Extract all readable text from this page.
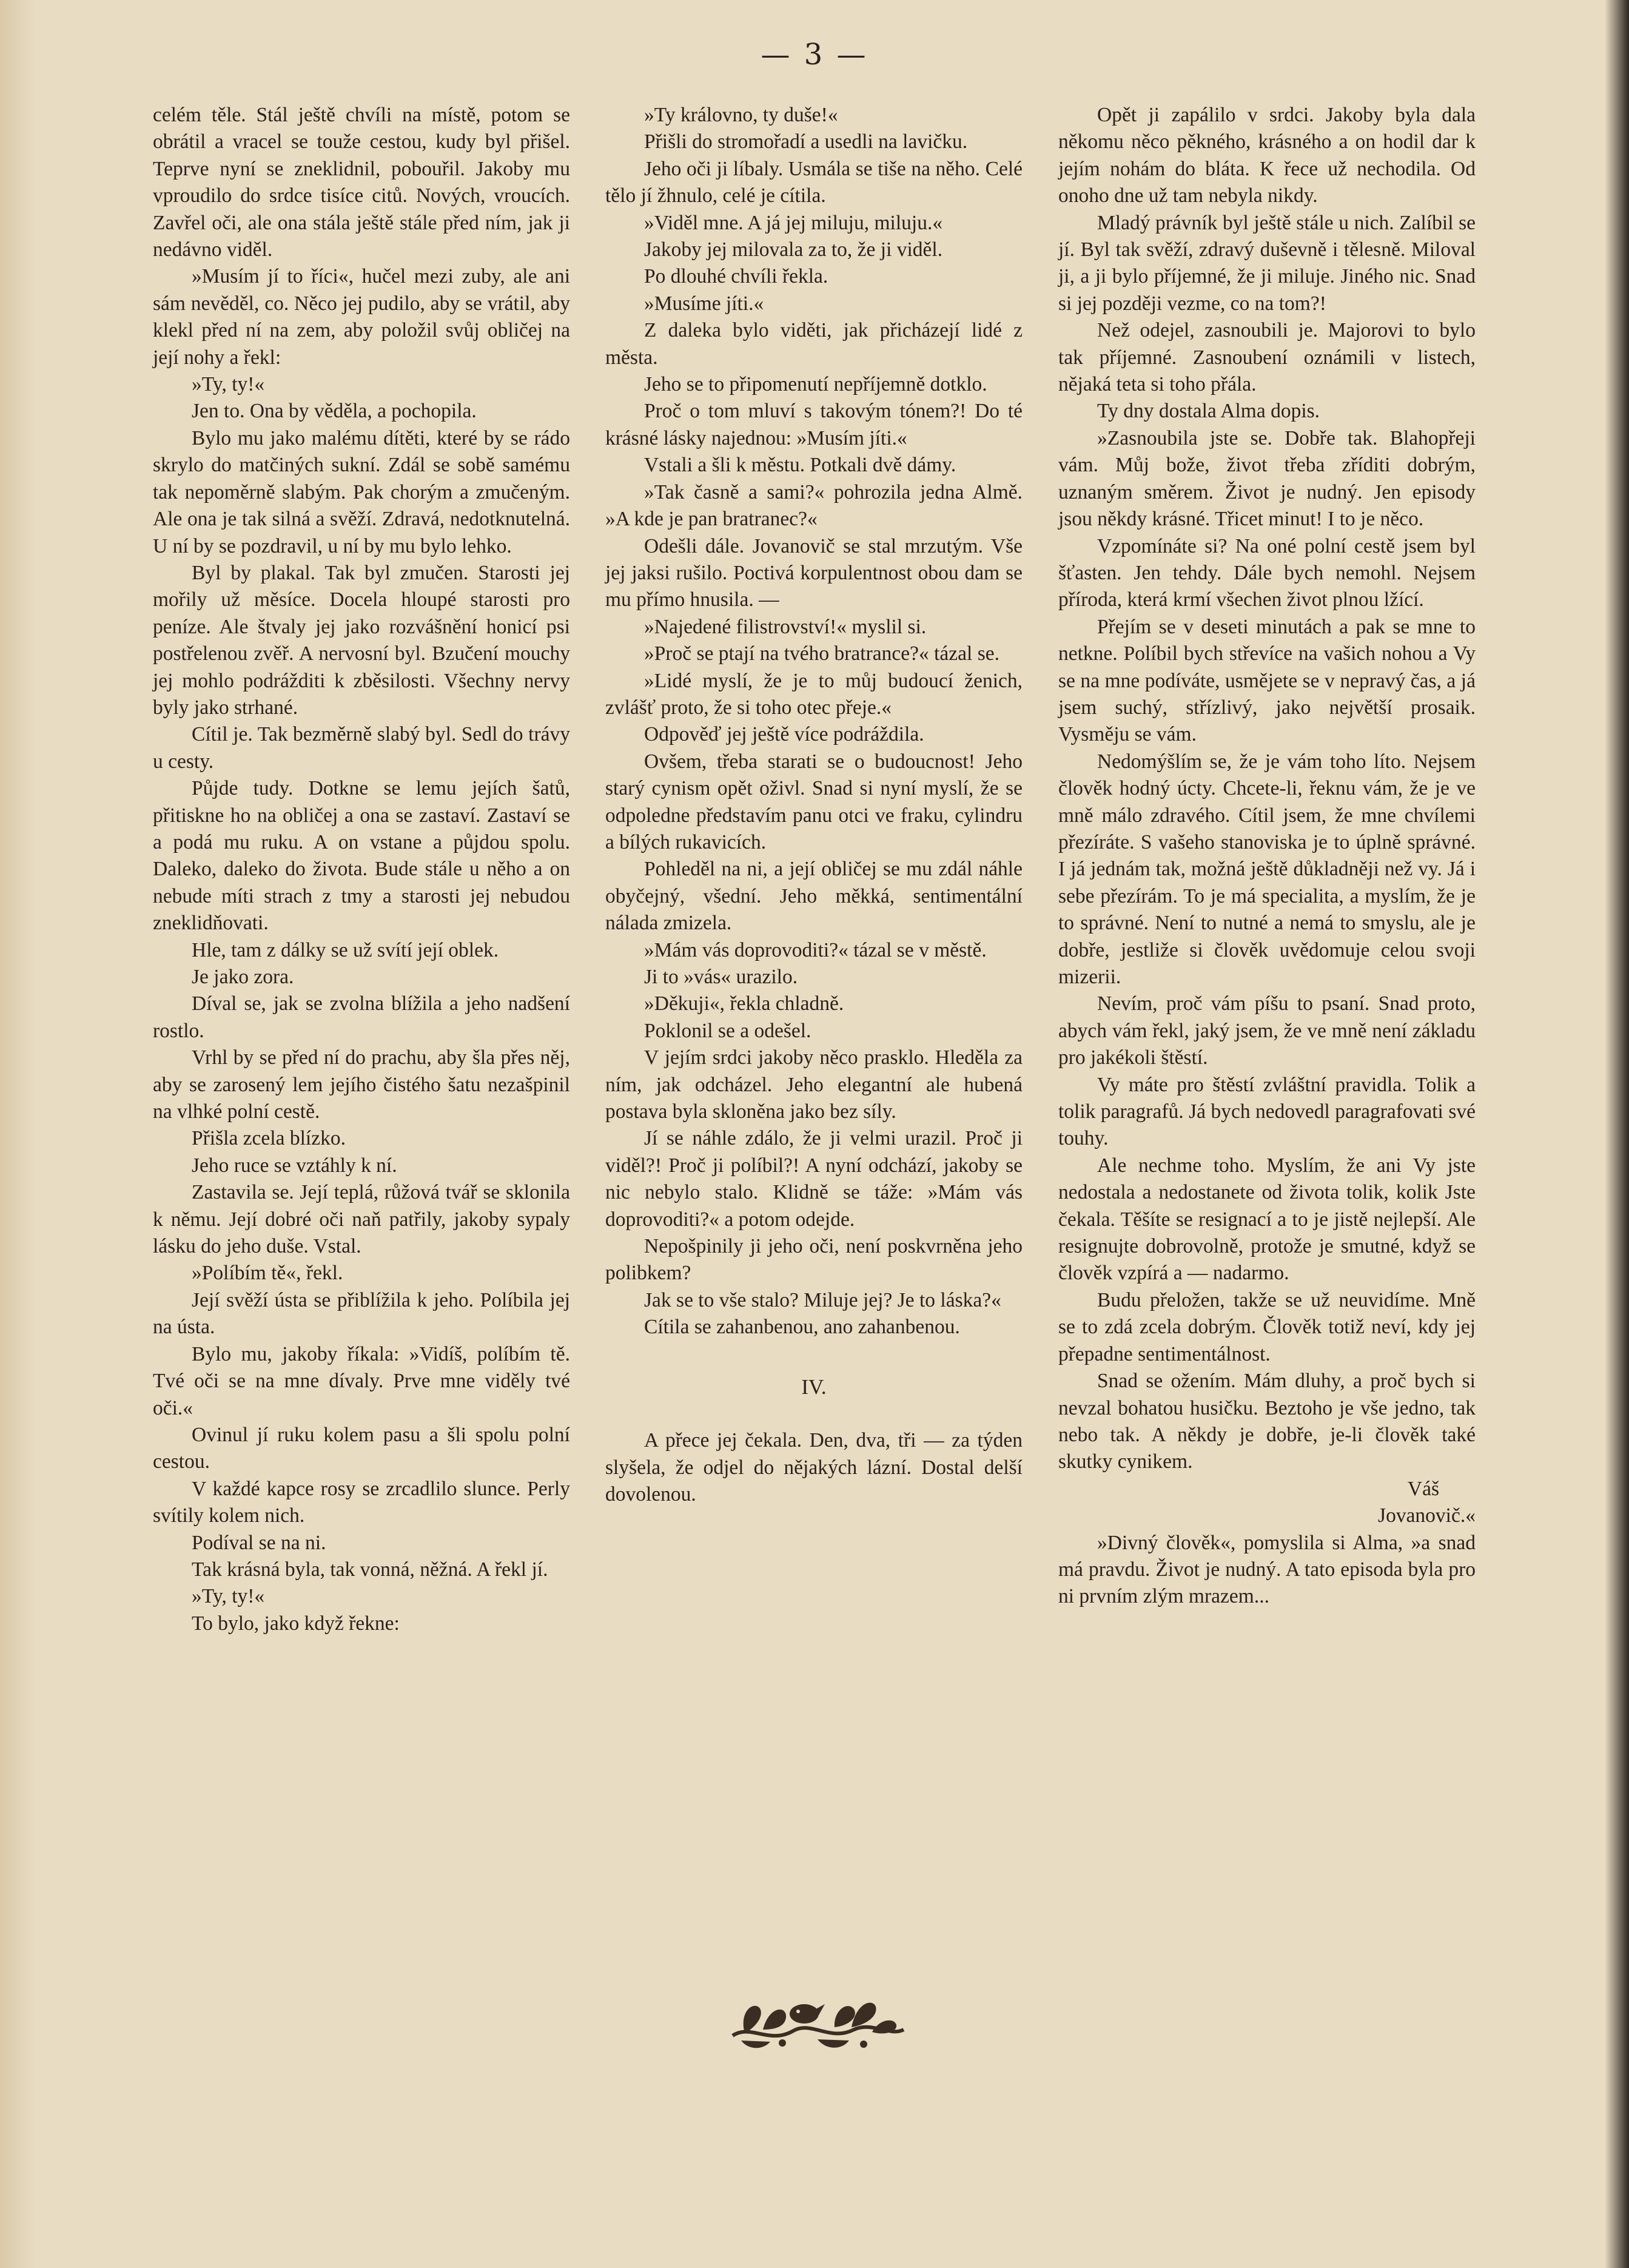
— 3 —

celém těle. Stál ještě chvíli na místě, potom se obrátil a vracel se touže cestou, kudy byl přišel. Teprve nyní se zneklidnil, pobouřil. Jakoby mu vproudilo do srdce tisíce citů. Nových, vroucích. Zavřel oči, ale ona stála ještě stále před ním, jak ji nedávno viděl.

»Musím jí to říci«, hučel mezi zuby, ale ani sám nevěděl, co. Něco jej pudilo, aby se vrátil, aby klekl před ní na zem, aby položil svůj obličej na její nohy a řekl:

»Ty, ty!«

Jen to. Ona by věděla, a pochopila.

Bylo mu jako malému dítěti, které by se rádo skrylo do matčiných sukní. Zdál se sobě samému tak nepoměrně slabým. Pak chorým a zmučeným. Ale ona je tak silná a svěží. Zdravá, nedotknutelná. U ní by se pozdravil, u ní by mu bylo lehko.

Byl by plakal. Tak byl zmučen. Starosti jej mořily už měsíce. Docela hloupé starosti pro peníze. Ale štvaly jej jako rozvášnění honicí psi postřelenou zvěř. A nervosní byl. Bzučení mouchy jej mohlo podrážditi k zběsilosti. Všechny nervy byly jako strhané.

Cítil je. Tak bezměrně slabý byl. Sedl do trávy u cesty.

Půjde tudy. Dotkne se lemu jejích šatů, přitiskne ho na obličej a ona se zastaví. Zastaví se a podá mu ruku. A on vstane a půjdou spolu. Daleko, daleko do života. Bude stále u něho a on nebude míti strach z tmy a starosti jej nebudou zneklidňovati.

Hle, tam z dálky se už svítí její oblek.

Je jako zora.

Díval se, jak se zvolna blížila a jeho nadšení rostlo.

Vrhl by se před ní do prachu, aby šla přes něj, aby se zarosený lem jejího čistého šatu nezašpinil na vlhké polní cestě.

Přišla zcela blízko.

Jeho ruce se vztáhly k ní.

Zastavila se. Její teplá, růžová tvář se sklonila k němu. Její dobré oči naň patřily, jakoby sypaly lásku do jeho duše. Vstal.

»Políbím tě«, řekl.

Její svěží ústa se přiblížila k jeho. Políbila jej na ústa.

Bylo mu, jakoby říkala: »Vidíš, políbím tě. Tvé oči se na mne dívaly. Prve mne viděly tvé oči.«

Ovinul jí ruku kolem pasu a šli spolu polní cestou.

V každé kapce rosy se zrcadlilo slunce. Perly svítily kolem nich.

Podíval se na ni.

Tak krásná byla, tak vonná, něžná. A řekl jí.

»Ty, ty!«

To bylo, jako když řekne:

»Ty královno, ty duše!«

Přišli do stromořadí a usedli na lavičku.

Jeho oči ji líbaly. Usmála se tiše na něho. Celé tělo jí žhnulo, celé je cítila.

»Viděl mne. A já jej miluju, miluju.«

Jakoby jej milovala za to, že ji viděl.

Po dlouhé chvíli řekla.

»Musíme jíti.«

Z daleka bylo viděti, jak přicházejí lidé z města.

Jeho se to připomenutí nepříjemně dotklo.

Proč o tom mluví s takovým tónem?! Do té krásné lásky najednou: »Musím jíti.«

Vstali a šli k městu. Potkali dvě dámy.

»Tak časně a sami?« pohrozila jedna Almě. »A kde je pan bratranec?«

Odešli dále. Jovanovič se stal mrzutým. Vše jej jaksi rušilo. Poctivá korpulentnost obou dam se mu přímo hnusila. —

»Najedené filistrovství!« myslil si.

»Proč se ptají na tvého bratrance?« tázal se.

»Lidé myslí, že je to můj budoucí ženich, zvlášť proto, že si toho otec přeje.«

Odpověď jej ještě více podráždila.

Ovšem, třeba starati se o budoucnost! Jeho starý cynism opět oživl. Snad si nyní myslí, že se odpoledne představím panu otci ve fraku, cylindru a bílých rukavicích.

Pohleděl na ni, a její obličej se mu zdál náhle obyčejný, všední. Jeho měkká, sentimentální nálada zmizela.

»Mám vás doprovoditi?« tázal se v městě.

Ji to »vás« urazilo.

»Děkuji«, řekla chladně.

Poklonil se a odešel.

V jejím srdci jakoby něco prasklo. Hleděla za ním, jak odcházel. Jeho elegantní ale hubená postava byla skloněna jako bez síly.

Jí se náhle zdálo, že ji velmi urazil. Proč ji viděl?! Proč ji políbil?! A nyní odchází, jakoby se nic nebylo stalo. Klidně se táže: »Mám vás doprovoditi?« a potom odejde.

Nepošpinily ji jeho oči, není poskvrněna jeho polibkem?

Jak se to vše stalo? Miluje jej? Je to láska?«

Cítila se zahanbenou, ano zahanbenou.

IV.

A přece jej čekala. Den, dva, tři — za týden slyšela, že odjel do nějakých lázní. Dostal delší dovolenou.

Opět ji zapálilo v srdci. Jakoby byla dala někomu něco pěkného, krásného a on hodil dar k jejím nohám do bláta. K řece už nechodila. Od onoho dne už tam nebyla nikdy.

Mladý právník byl ještě stále u nich. Zalíbil se jí. Byl tak svěží, zdravý duševně i tělesně. Miloval ji, a ji bylo příjemné, že ji miluje. Jiného nic. Snad si jej později vezme, co na tom?!

Než odejel, zasnoubili je. Majorovi to bylo tak příjemné. Zasnoubení oznámili v listech, nějaká teta si toho přála.

Ty dny dostala Alma dopis.

»Zasnoubila jste se. Dobře tak. Blahopřeji vám. Můj bože, život třeba zříditi dobrým, uznaným směrem. Život je nudný. Jen episody jsou někdy krásné. Třicet minut! I to je něco.

Vzpomínáte si? Na oné polní cestě jsem byl šťasten. Jen tehdy. Dále bych nemohl. Nejsem příroda, která krmí všechen život plnou lžící.

Přejím se v deseti minutách a pak se mne to netkne. Políbil bych střevíce na vašich nohou a Vy se na mne podíváte, usmějete se v nepravý čas, a já jsem suchý, střízlivý, jako největší prosaik. Vysměju se vám.

Nedomýšlím se, že je vám toho líto. Nejsem člověk hodný úcty. Chcete-li, řeknu vám, že je ve mně málo zdravého. Cítil jsem, že mne chvílemi přezíráte. S vašeho stanoviska je to úplně správné. I já jednám tak, možná ještě důkladněji než vy. Já i sebe přezírám. To je má specialita, a myslím, že je to správné. Není to nutné a nemá to smyslu, ale je dobře, jestliže si člověk uvědomuje celou svoji mizerii.

Nevím, proč vám píšu to psaní. Snad proto, abych vám řekl, jaký jsem, že ve mně není základu pro jakékoli štěstí.

Vy máte pro štěstí zvláštní pravidla. Tolik a tolik paragrafů. Já bych nedovedl paragrafovati své touhy.

Ale nechme toho. Myslím, že ani Vy jste nedostala a nedostanete od života tolik, kolik Jste čekala. Těšíte se resignací a to je jistě nejlepší. Ale resignujte dobrovolně, protože je smutné, když se člověk vzpírá a — nadarmo.

Budu přeložen, takže se už neuvidíme. Mně se to zdá zcela dobrým. Člověk totiž neví, kdy jej přepadne sentimentálnost.

Snad se ožením. Mám dluhy, a proč bych si nevzal bohatou husičku. Beztoho je vše jedno, tak nebo tak. A někdy je dobře, je-li člověk také skutky cynikem.

Váš

Jovanovič.«

»Divný člověk«, pomyslila si Alma, »a snad má pravdu. Život je nudný. A tato episoda byla pro ni prvním zlým mrazem...
